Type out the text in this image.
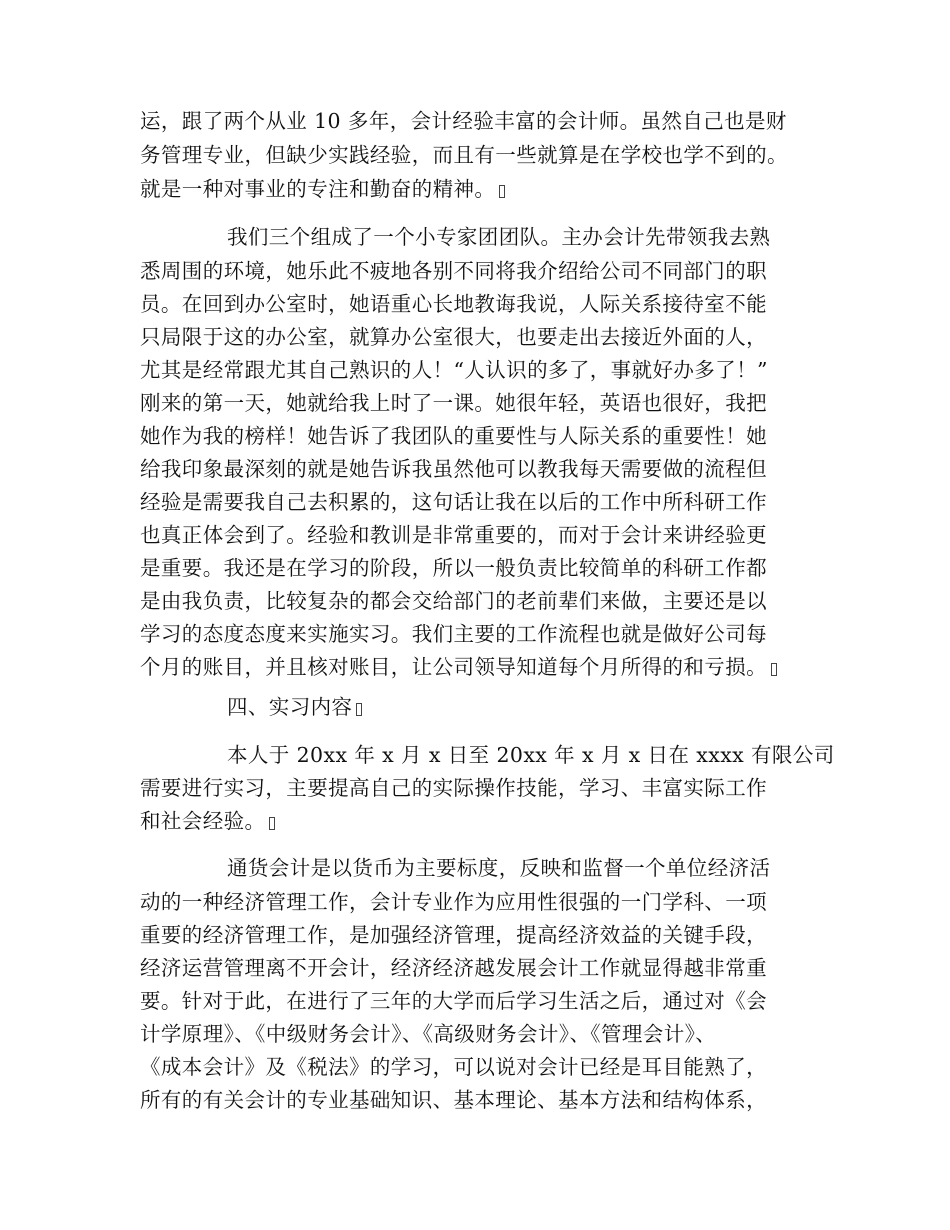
运，跟了两个从业 10 多年，会计经验丰富的会计师。虽然自己也是财
务管理专业，但缺少实践经验，而且有一些就算是在学校也学不到的。
就是一种对事业的专注和勤奋的精神。
我们三个组成了一个小专家团团队。主办会计先带领我去熟
悉周围的环境，她乐此不疲地各别不同将我介绍给公司不同部门的职
员。在回到办公室时，她语重心长地教诲我说，人际关系接待室不能
只局限于这的办公室，就算办公室很大，也要走出去接近外面的人，
尤其是经常跟尤其自己熟识的人！“人认识的多了，事就好办多了！”
刚来的第一天，她就给我上时了一课。她很年轻，英语也很好，我把
她作为我的榜样！她告诉了我团队的重要性与人际关系的重要性！她
给我印象最深刻的就是她告诉我虽然他可以教我每天需要做的流程但
经验是需要我自己去积累的，这句话让我在以后的工作中所科研工作
也真正体会到了。经验和教训是非常重要的，而对于会计来讲经验更
是重要。我还是在学习的阶段，所以一般负责比较简单的科研工作都
是由我负责，比较复杂的都会交给部门的老前辈们来做，主要还是以
学习的态度态度来实施实习。我们主要的工作流程也就是做好公司每
个月的账目，并且核对账目，让公司领导知道每个月所得的和亏损。
四、实习内容
本人于 20xx 年 x 月 x 日至 20xx 年 x 月 x 日在 xxxx 有限公司
需要进行实习，主要提高自己的实际操作技能，学习、丰富实际工作
和社会经验。
通货会计是以货币为主要标度，反映和监督一个单位经济活
动的一种经济管理工作，会计专业作为应用性很强的一门学科、一项
重要的经济管理工作，是加强经济管理，提高经济效益的关键手段，
经济运营管理离不开会计，经济经济越发展会计工作就显得越非常重
要。针对于此，在进行了三年的大学而后学习生活之后，通过对《会
计学原理》、《中级财务会计》、《高级财务会计》、《管理会计》、
《成本会计》及《税法》的学习，可以说对会计已经是耳目能熟了，
所有的有关会计的专业基础知识、基本理论、基本方法和结构体系，
